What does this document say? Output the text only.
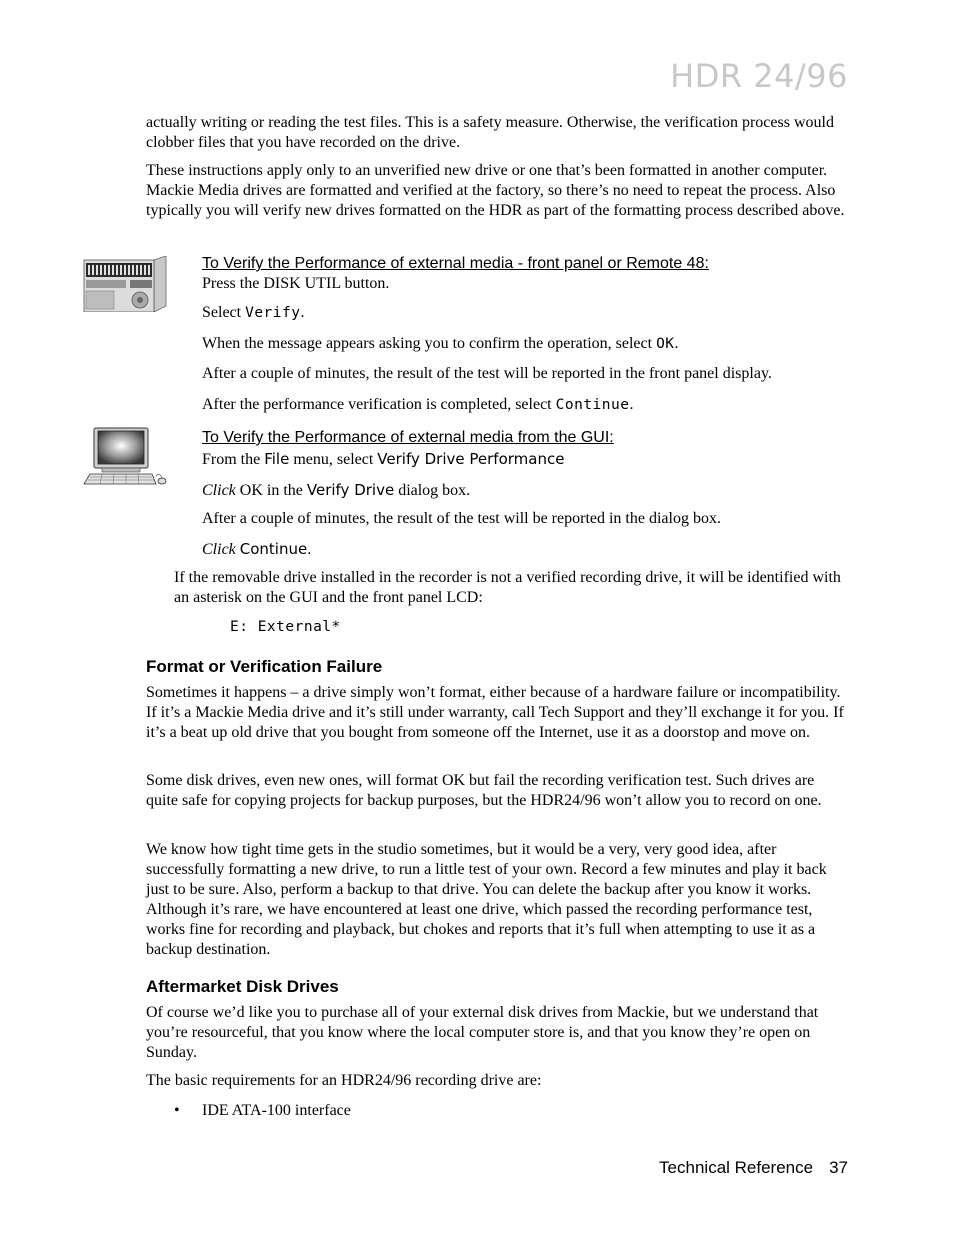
HDR 24/96

actually writing or reading the test files. This is a safety measure. Otherwise, the verification process would clobber files that you have recorded on the drive.

These instructions apply only to an unverified new drive or one that’s been formatted in another computer. Mackie Media drives are formatted and verified at the factory, so there’s no need to repeat the process. Also typically you will verify new drives formatted on the HDR as part of the formatting process described above.

To Verify the Performance of external media - front panel or Remote 48:

Press the DISK UTIL button.

Select Verify.

When the message appears asking you to confirm the operation, select OK.

After a couple of minutes, the result of the test will be reported in the front panel display.

After the performance verification is completed, select Continue.

To Verify the Performance of external media from the GUI:

From the File menu, select Verify Drive Performance

Click OK in the Verify Drive dialog box.

After a couple of minutes, the result of the test will be reported in the dialog box.

Click Continue.

If the removable drive installed in the recorder is not a verified recording drive, it will be identified with an asterisk on the GUI and the front panel LCD:

E: External*
Format or Verification Failure

Sometimes it happens – a drive simply won’t format, either because of a hardware failure or incompatibility. If it’s a Mackie Media drive and it’s still under warranty, call Tech Support and they’ll exchange it for you. If it’s a beat up old drive that you bought from someone off the Internet, use it as a doorstop and move on.

Some disk drives, even new ones, will format OK but fail the recording verification test. Such drives are quite safe for copying projects for backup purposes, but the HDR24/96 won’t allow you to record on one.

We know how tight time gets in the studio sometimes, but it would be a very, very good idea, after successfully formatting a new drive, to run a little test of your own. Record a few minutes and play it back just to be sure. Also, perform a backup to that drive. You can delete the backup after you know it works. Although it’s rare, we have encountered at least one drive, which passed the recording performance test, works fine for recording and playback, but chokes and reports that it’s full when attempting to use it as a backup destination.

Aftermarket Disk Drives

Of course we’d like you to purchase all of your external disk drives from Mackie, but we understand that you’re resourceful, that you know where the local computer store is, and that you know they’re open on Sunday.

The basic requirements for an HDR24/96 recording drive are:

•	IDE ATA-100 interface
Technical Reference 37
